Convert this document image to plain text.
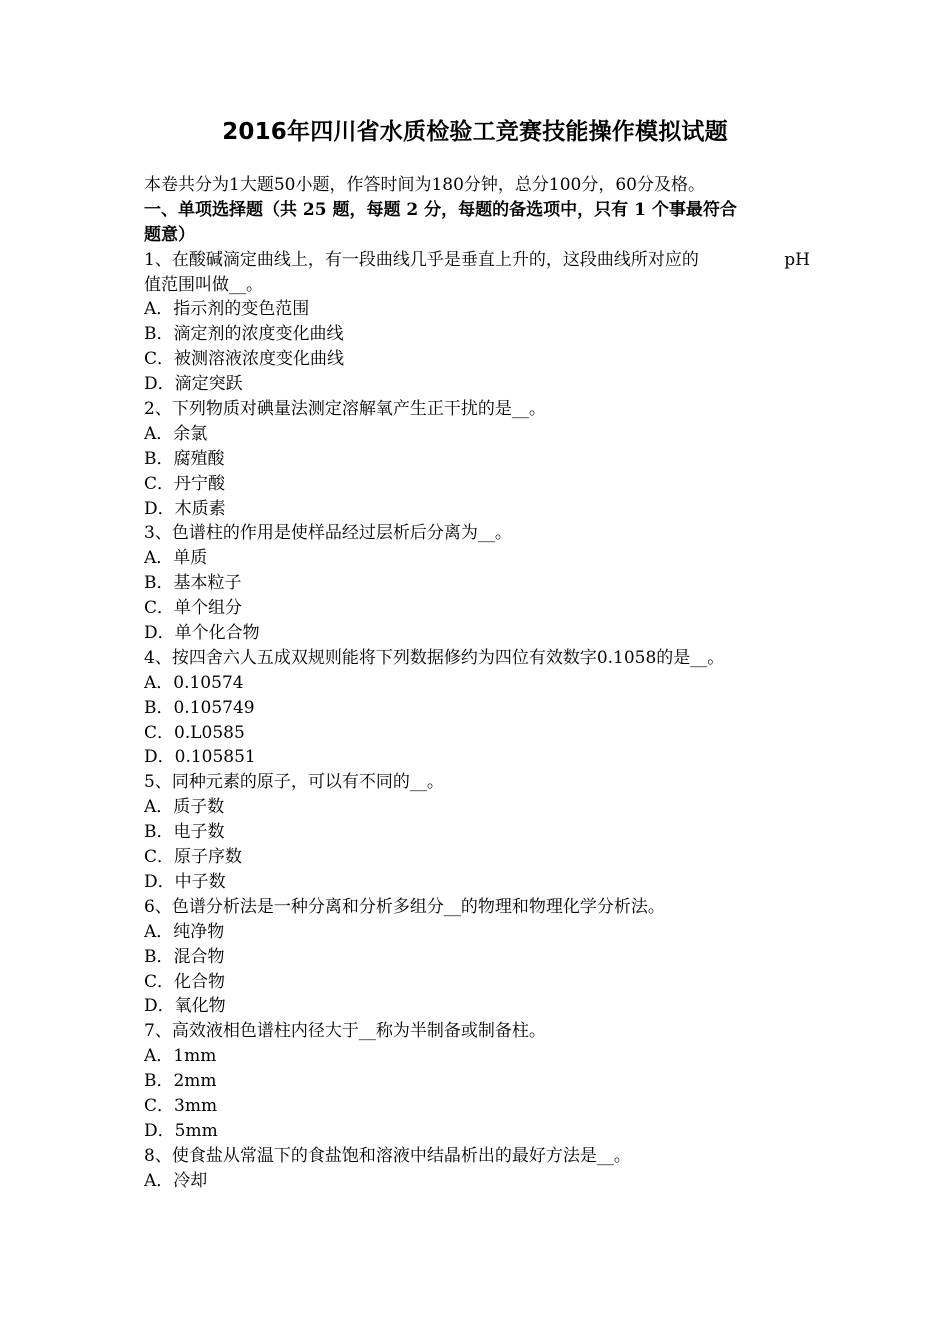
2016年四川省水质检验工竞赛技能操作模拟试题
本卷共分为1大题50小题，作答时间为180分钟，总分100分，60分及格。
一、单项选择题（共 25 题，每题 2 分，每题的备选项中，只有 1 个事最符合
题意）
1、在酸碱滴定曲线上，有一段曲线几乎是垂直上升的，这段曲线所对应的	pH
值范围叫做__。
A．指示剂的变色范围
B．滴定剂的浓度变化曲线
C．被测溶液浓度变化曲线
D．滴定突跃
2、下列物质对碘量法测定溶解氧产生正干扰的是__。
A．余氯
B．腐殖酸
C．丹宁酸
D．木质素
3、色谱柱的作用是使样品经过层析后分离为__。
A．单质
B．基本粒子
C．单个组分
D．单个化合物
4、按四舍六人五成双规则能将下列数据修约为四位有效数字0.1058的是__。
A．0.10574
B．0.105749
C．0.L0585
D．0.105851
5、同种元素的原子，可以有不同的__。
A．质子数
B．电子数
C．原子序数
D．中子数
6、色谱分析法是一种分离和分析多组分__的物理和物理化学分析法。
A．纯净物
B．混合物
C．化合物
D．氧化物
7、高效液相色谱柱内径大于__称为半制备或制备柱。
A．1mm
B．2mm
C．3mm
D．5mm
8、使食盐从常温下的食盐饱和溶液中结晶析出的最好方法是__。
A．冷却
